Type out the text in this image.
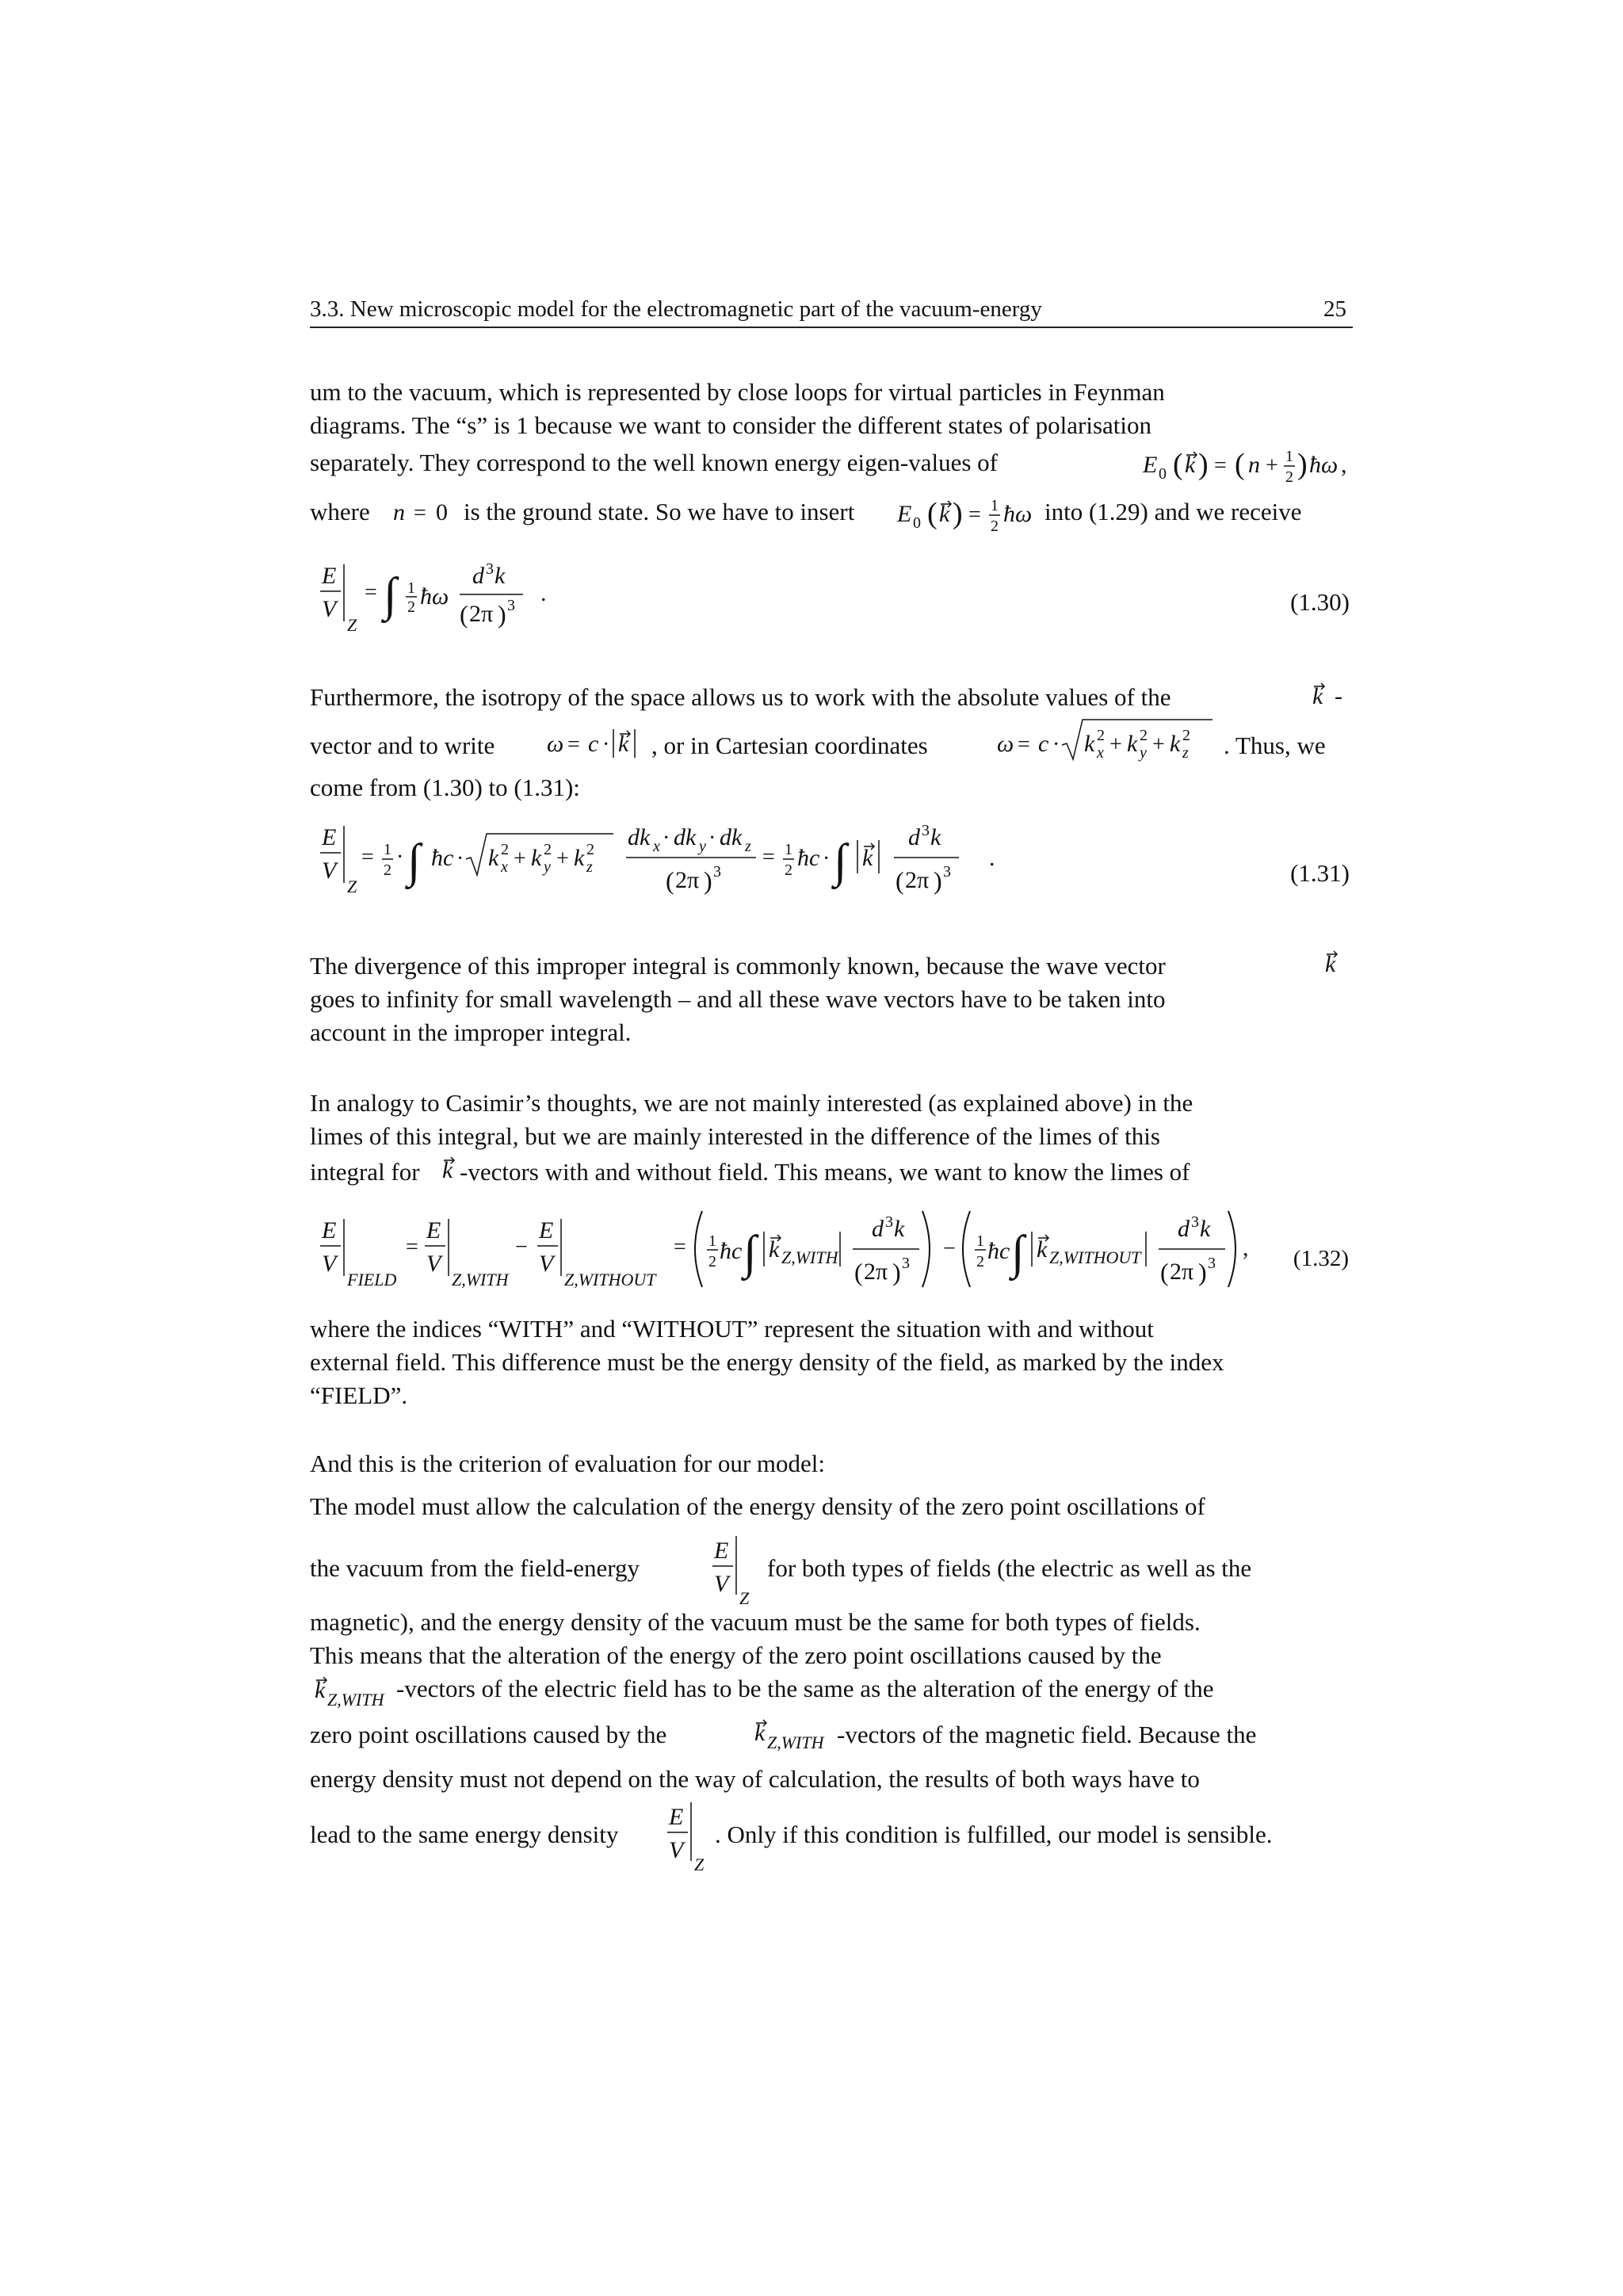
3.3. New microscopic model for the electromagnetic part of the vacuum-energy	25
um to the vacuum, which is represented by close loops for virtual particles in Feynman
diagrams. The “s” is 1 because we want to consider the different states of polarisation
separately. They correspond to the well known energy eigen-values of	E 0 ( k ) = ( n + 1
2 ) ħω ,
where n = 0 is the ground state. So we have to insert	E 0 ( k ) = 1
2 ħω into (1.29) and we receive
E
V
Z
= ∫ 1
2 ħω
d 3 k
( 2π ) 3 .	(1.30)
Furthermore, the isotropy of the space allows us to work with the absolute values of the	k -
vector and to write	ω = c · k , or in Cartesian coordinates	ω = c · k 2
x + k 2
y + k 2
z . Thus, we
come from (1.30) to (1.31):
E
V
Z
= 1
2
· ∫ ħc · k 2
x + k 2
y + k 2
z
dk x · dk y · dk z
( 2π ) 3
= 1
2 ħc · ∫ k
d 3 k
( 2π ) 3
.
(1.31)
The divergence of this improper integral is commonly known, because the wave vector	k
goes to infinity for small wavelength – and all these wave vectors have to be taken into
account in the improper integral.
In analogy to Casimir’s thoughts, we are not mainly interested (as explained above) in the
limes of this integral, but we are mainly interested in the difference of the limes of this
integral for k -vectors with and without field. This means, we want to know the limes of
E
V
FIELD
=
E
V
Z,WITH
−
E
V
Z,WITHOUT
= 1
2 ħc ∫ k Z,WITH
d 3 k
( 2π ) 3
− 1
2 ħc ∫ k Z,WITHOUT
d 3 k
( 2π ) 3
, (1.32)
where the indices “WITH” and “WITHOUT” represent the situation with and without
external field. This difference must be the energy density of the field, as marked by the index
“FIELD”.
And this is the criterion of evaluation for our model:
The model must allow the calculation of the energy density of the zero point oscillations of
the vacuum from the field-energy
E
V
Z
for both types of fields (the electric as well as the
magnetic), and the energy density of the vacuum must be the same for both types of fields.
This means that the alteration of the energy of the zero point oscillations caused by the
k Z,WITH -vectors of the electric field has to be the same as the alteration of the energy of the
zero point oscillations caused by the	k Z,WITH -vectors of the magnetic field. Because the
energy density must not depend on the way of calculation, the results of both ways have to
lead to the same energy density
E
V
Z
. Only if this condition is fulfilled, our model is sensible.
